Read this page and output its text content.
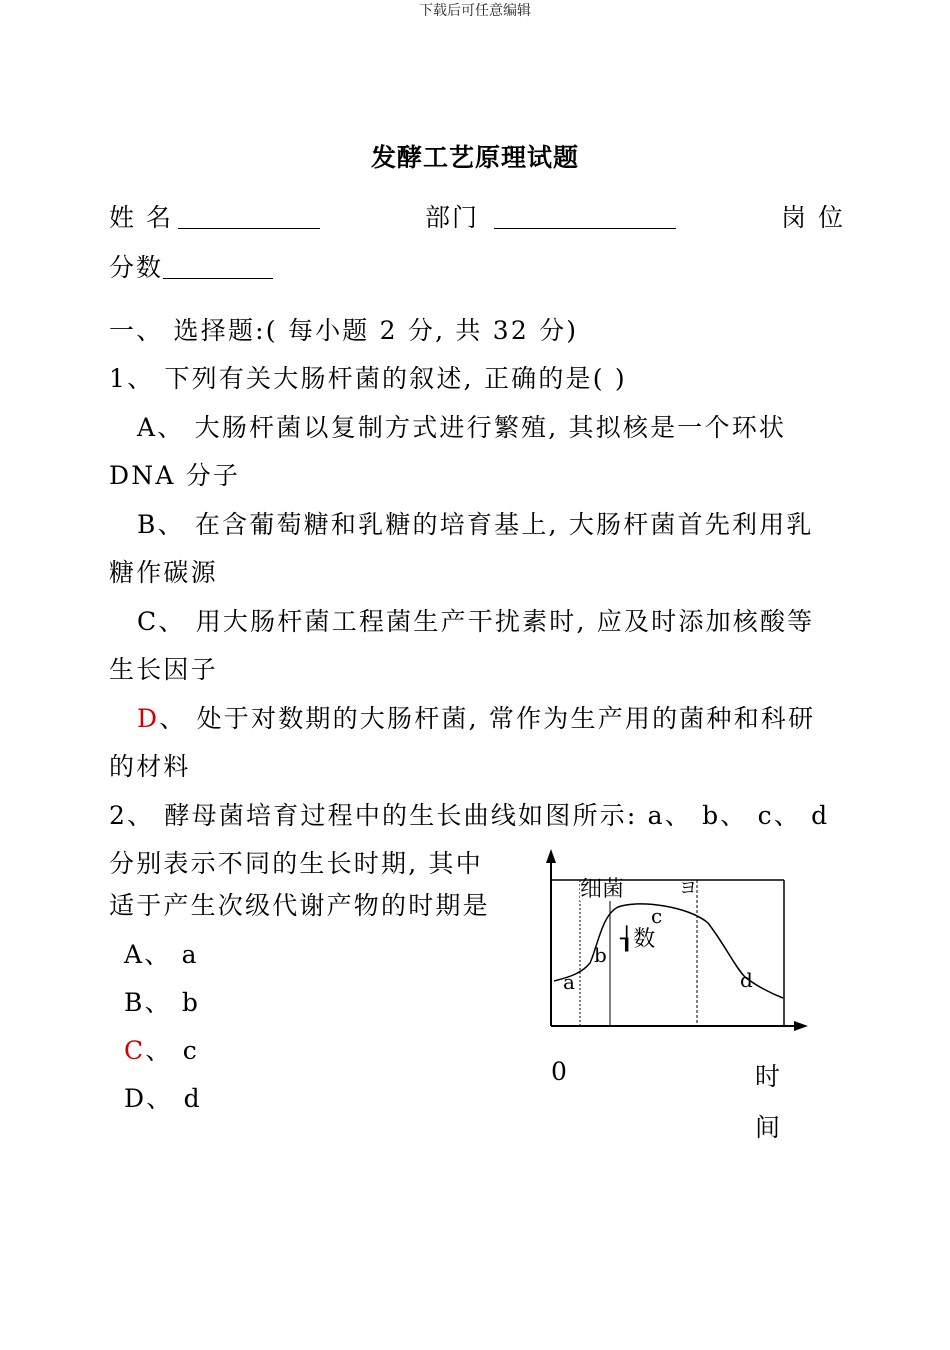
下载后可任意编辑
发酵工艺原理试题
姓 名	部门	岗 位
分数
一、 选择题:( 每小题 2 分, 共 32 分)
1、 下列有关大肠杆菌的叙述, 正确的是( )
A、 大肠杆菌以复制方式进行繁殖, 其拟核是一个环状
DNA 分子
B、 在含葡萄糖和乳糖的培育基上, 大肠杆菌首先利用乳
糖作碳源
C、 用大肠杆菌工程菌生产干扰素时, 应及时添加核酸等
生长因子
D、 处于对数期的大肠杆菌, 常作为生产用的菌种和科研
的材料
2、 酵母菌培育过程中的生长曲线如图所示: a、 b、 c、 d
分别表示不同的生长时期, 其中
适于产生次级代谢产物的时期是
A、 a
B、 b
C、 c
D、 d
细菌	ヨ
┧数
a
b
c
d
0	时
间
